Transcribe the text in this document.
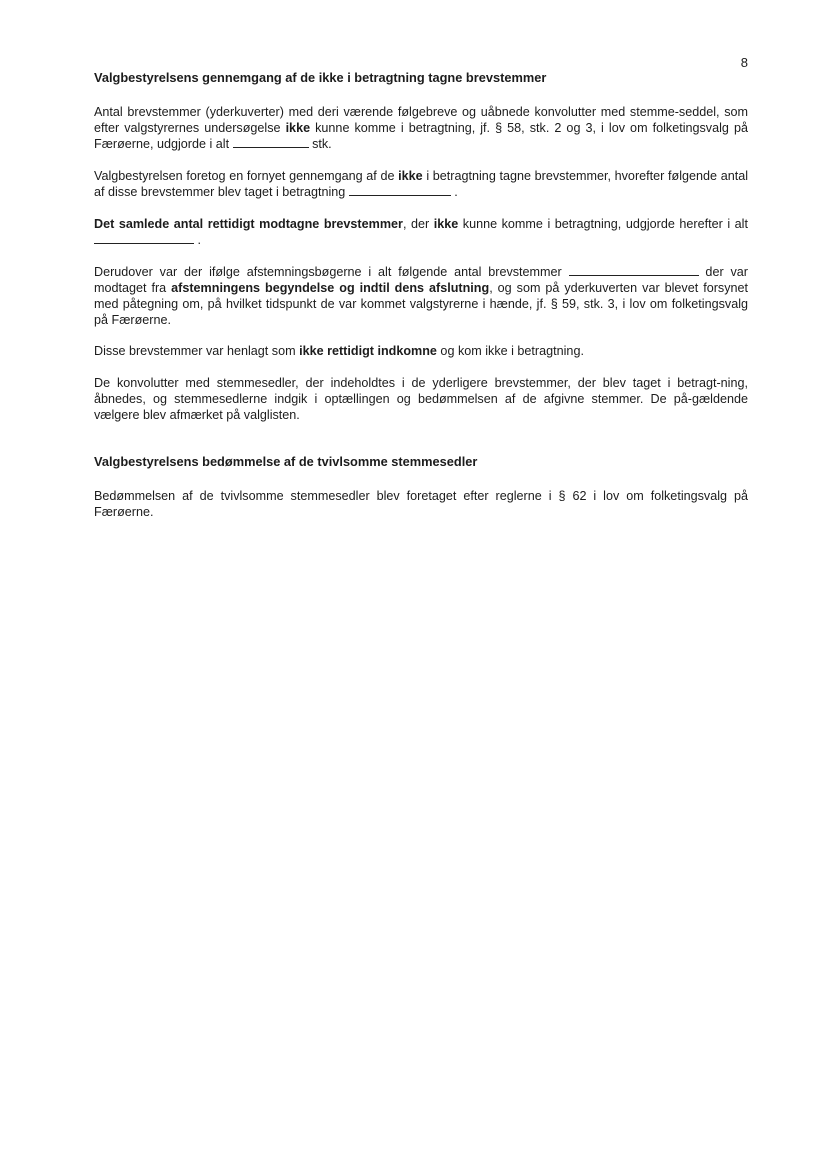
8
Valgbestyrelsens gennemgang af de ikke i betragtning tagne brevstemmer

Antal brevstemmer (yderkuverter) med deri værende følgebreve og uåbnede konvolutter med stemme-seddel, som efter valgstyrernes undersøgelse ikke kunne komme i betragtning, jf. § 58, stk. 2 og 3, i lov om folketingsvalg på Færøerne, udgjorde i alt	stk.

Valgbestyrelsen foretog en fornyet gennemgang af de ikke i betragtning tagne brevstemmer, hvorefter følgende antal af disse brevstemmer blev taget i betragtning	.

Det samlede antal rettidigt modtagne brevstemmer, der ikke kunne komme i betragtning, udgjorde herefter i alt  .

Derudover var der ifølge afstemningsbøgerne i alt følgende antal brevstemmer	der var modtaget fra afstemningens begyndelse og indtil dens afslutning, og som på yderkuverten var blevet forsynet med påtegning om, på hvilket tidspunkt de var kommet valgstyrerne i hænde, jf. § 59, stk. 3, i lov om folketingsvalg på Færøerne.

Disse brevstemmer var henlagt som ikke rettidigt indkomne og kom ikke i betragtning.

De konvolutter med stemmesedler, der indeholdtes i de yderligere brevstemmer, der blev taget i betragt-ning, åbnedes, og stemmesedlerne indgik i optællingen og bedømmelsen af de afgivne stemmer. De på-gældende vælgere blev afmærket på valglisten.

Valgbestyrelsens bedømmelse af de tvivlsomme stemmesedler

Bedømmelsen af de tvivlsomme stemmesedler blev foretaget efter reglerne i § 62 i lov om folketingsvalg på Færøerne.
